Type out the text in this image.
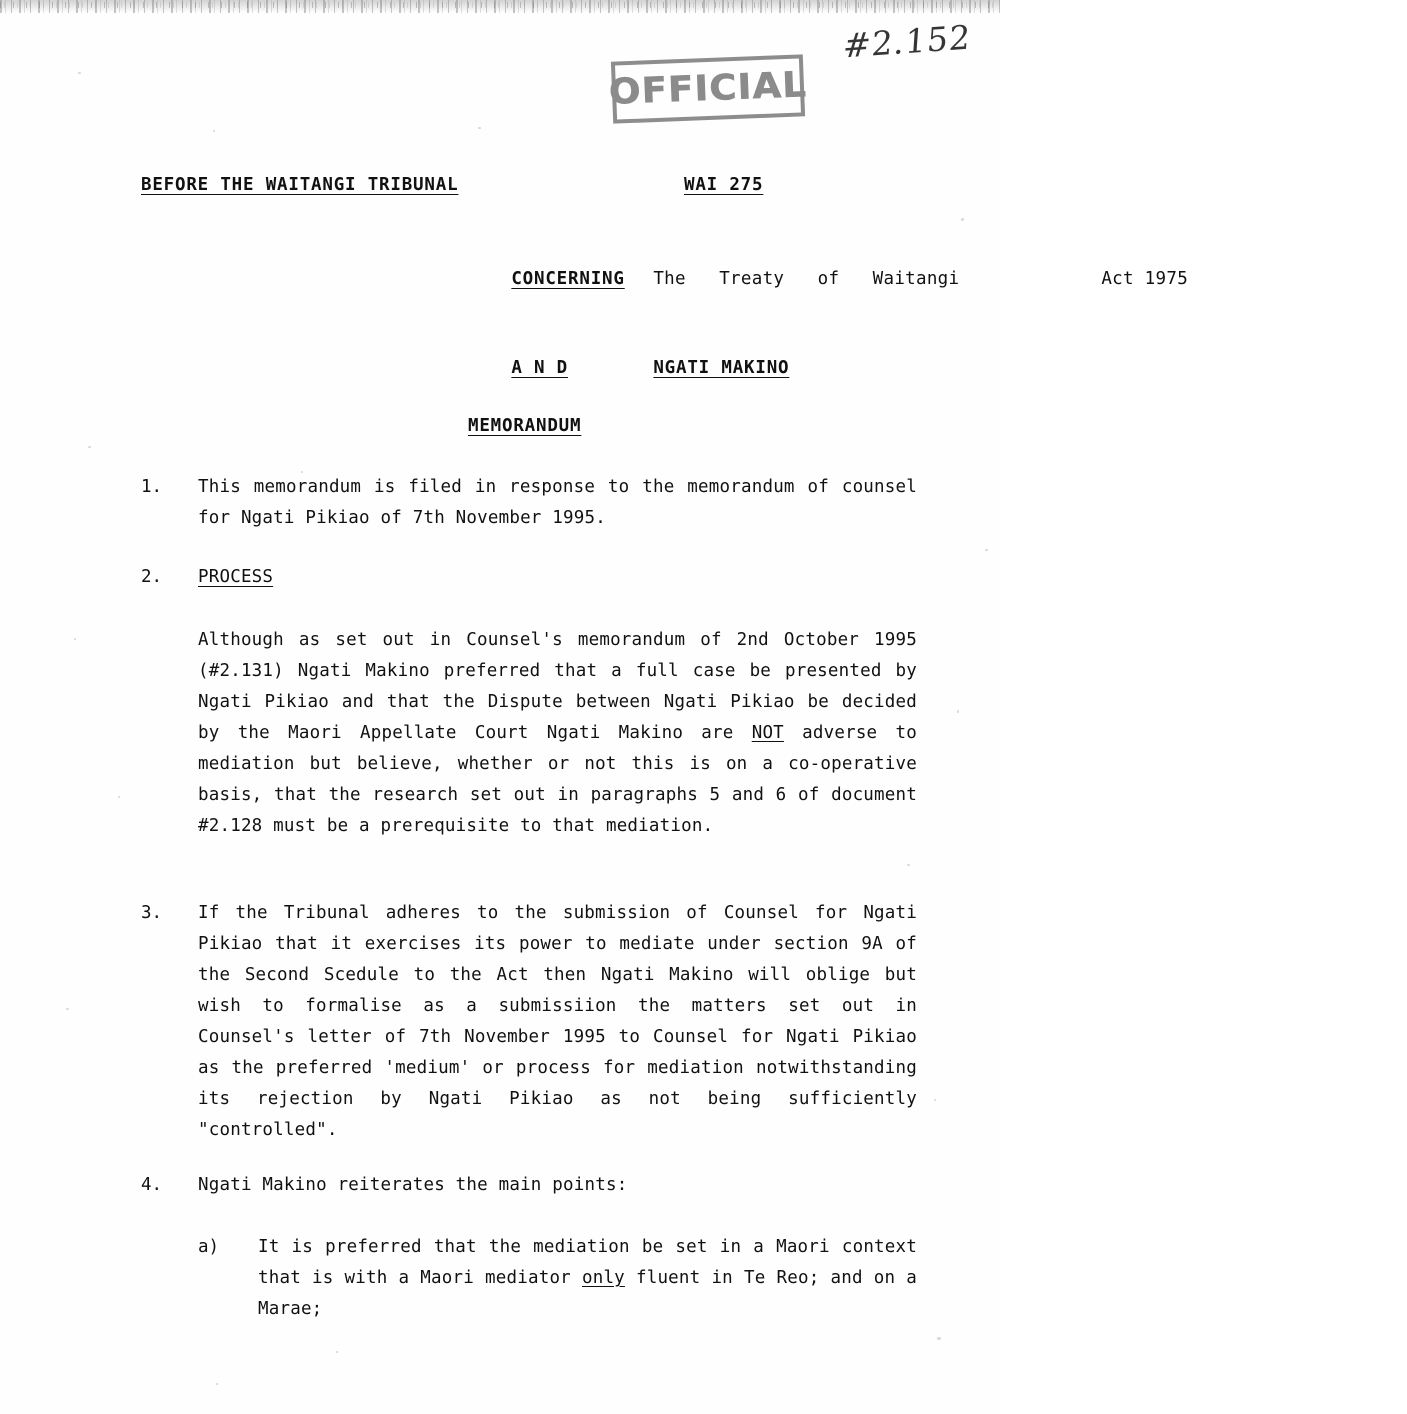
OFFICIAL
#2.152
BEFORE THE WAITANGI TRIBUNAL	WAI 275

CONCERNING The Treaty of Waitangi	Act 1975

A N D	NGATI MAKINO

MEMORANDUM
1. This memorandum is filed in response to the memorandum of counsel for Ngati Pikiao of 7th November 1995.
2. PROCESS
Although as set out in Counsel's memorandum of 2nd October 1995 (#2.131) Ngati Makino preferred that a full case be presented by Ngati Pikiao and that the Dispute between Ngati Pikiao be decided by the Maori Appellate Court Ngati Makino are NOT adverse to mediation but believe, whether or not this is on a co-operative basis, that the research set out in paragraphs 5 and 6 of document #2.128 must be a prerequisite to that mediation.
3. If the Tribunal adheres to the submission of Counsel for Ngati Pikiao that it exercises its power to mediate under section 9A of the Second Scedule to the Act then Ngati Makino will oblige but wish to formalise as a submissiion the matters set out in Counsel's letter of 7th November 1995 to Counsel for Ngati Pikiao as the preferred 'medium' or process for mediation notwithstanding its rejection by Ngati Pikiao as not being sufficiently "controlled".
4. Ngati Makino reiterates the main points:
a) It is preferred that the mediation be set in a Maori context that is with a Maori mediator only fluent in Te Reo; and on a Marae;
